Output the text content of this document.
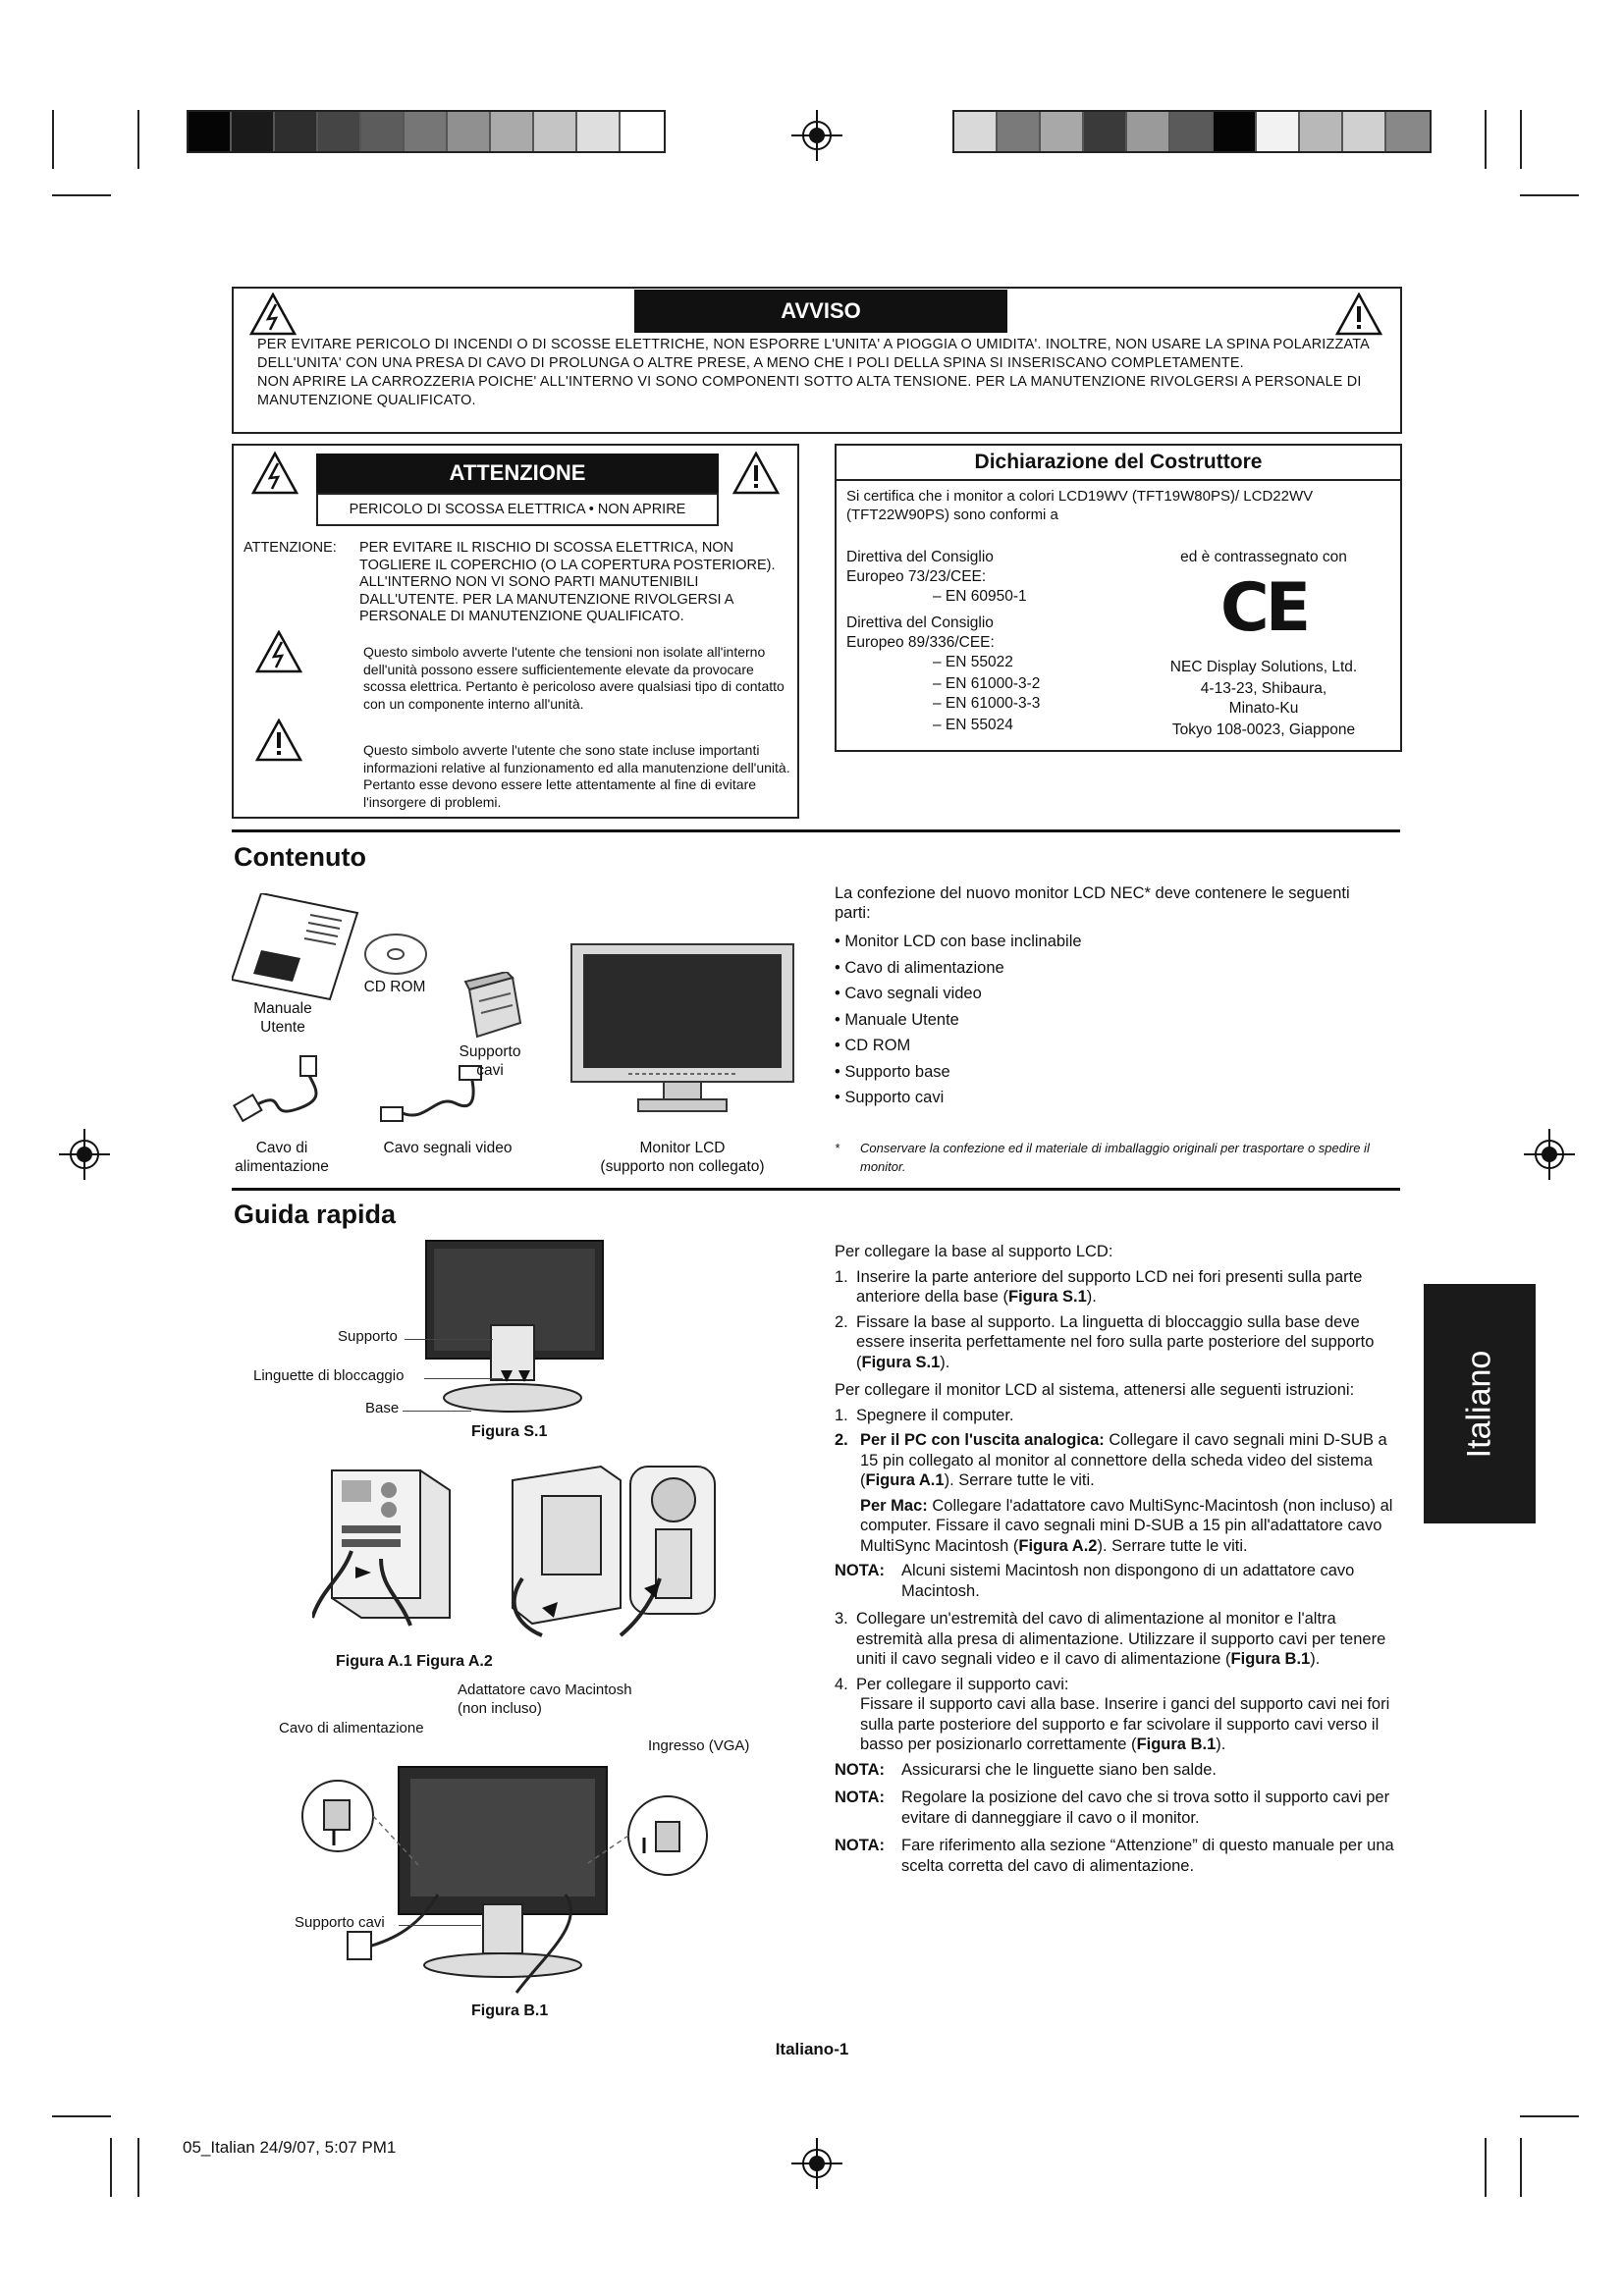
AVVISO

PER EVITARE PERICOLO DI INCENDI O DI SCOSSE ELETTRICHE, NON ESPORRE L'UNITA' A PIOGGIA O UMIDITA'. INOLTRE, NON USARE LA SPINA POLARIZZATA DELL'UNITA' CON UNA PRESA DI CAVO DI PROLUNGA O ALTRE PRESE, A MENO CHE I POLI DELLA SPINA SI INSERISCANO COMPLETAMENTE.

NON APRIRE LA CARROZZERIA POICHE' ALL'INTERNO VI SONO COMPONENTI SOTTO ALTA TENSIONE. PER LA MANUTENZIONE RIVOLGERSI A PERSONALE DI MANUTENZIONE QUALIFICATO.

ATTENZIONE
PERICOLO DI SCOSSA ELETTRICA • NON APRIRE
ATTENZIONE:	PER EVITARE IL RISCHIO DI SCOSSA ELETTRICA, NON TOGLIERE IL COPERCHIO (O LA COPERTURA POSTERIORE). ALL'INTERNO NON VI SONO PARTI MANUTENIBILI DALL'UTENTE. PER LA MANUTENZIONE RIVOLGERSI A PERSONALE DI MANUTENZIONE QUALIFICATO.
Questo simbolo avverte l'utente che tensioni non isolate all'interno dell'unità possono essere sufficientemente elevate da provocare scossa elettrica. Pertanto è pericoloso avere qualsiasi tipo di contatto con un componente interno all'unità.
Questo simbolo avverte l'utente che sono state incluse importanti informazioni relative al funzionamento ed alla manutenzione dell'unità. Pertanto esse devono essere lette attentamente al fine di evitare l'insorgere di problemi.
Dichiarazione del Costruttore
Si certifica che i monitor a colori LCD19WV (TFT19W80PS)/ LCD22WV (TFT22W90PS) sono conformi a
Direttiva del Consiglio
Europeo 73/23/CEE:
– EN 60950-1
Direttiva del Consiglio
Europeo 89/336/CEE:
– EN 55022
– EN 61000-3-2
– EN 61000-3-3
– EN 55024
ed è contrassegnato con
CE
NEC Display Solutions, Ltd.
4-13-23, Shibaura,
Minato-Ku
Tokyo 108-0023, Giappone
Contenuto
Manuale Utente
CD ROM
Supporto cavi
Cavo di alimentazione
Cavo segnali video	Monitor LCD
(supporto non collegato)
La confezione del nuovo monitor LCD NEC* deve contenere le seguenti parti:
• Monitor LCD con base inclinabile
• Cavo di alimentazione
• Cavo segnali video
• Manuale Utente
• CD ROM
• Supporto base
• Supporto cavi
*	Conservare la confezione ed il materiale di imballaggio originali per trasportare o spedire il monitor.
Guida rapida
Supporto
Linguette di bloccaggio
Base
Figura S.1
Figura A.1 Figura A.2
Adattatore cavo Macintosh
(non incluso)
Cavo di alimentazione
Ingresso (VGA)
Supporto cavi
Figura B.1

Per collegare la base al supporto LCD:

1. Inserire la parte anteriore del supporto LCD nei fori presenti sulla parte anteriore della base (Figura S.1).
2. Fissare la base al supporto. La linguetta di bloccaggio sulla base deve essere inserita perfettamente nel foro sulla parte posteriore del supporto (Figura S.1).

Per collegare il monitor LCD al sistema, attenersi alle seguenti istruzioni:

1. Spegnere il computer.
2. Per il PC con l'uscita analogica: Collegare il cavo segnali mini D-SUB a 15 pin collegato al monitor al connettore della scheda video del sistema (Figura A.1). Serrare tutte le viti.
Per Mac: Collegare l'adattatore cavo MultiSync-Macintosh (non incluso) al computer. Fissare il cavo segnali mini D-SUB a 15 pin all'adattatore cavo MultiSync Macintosh (Figura A.2). Serrare tutte le viti.
NOTA:	Alcuni sistemi Macintosh non dispongono di un adattatore cavo Macintosh.
3. Collegare un'estremità del cavo di alimentazione al monitor e l'altra estremità alla presa di alimentazione. Utilizzare il supporto cavi per tenere uniti il cavo segnali video e il cavo di alimentazione (Figura B.1).
4. Per collegare il supporto cavi:
Fissare il supporto cavi alla base. Inserire i ganci del supporto cavi nei fori sulla parte posteriore del supporto e far scivolare il supporto cavi verso il basso per posizionarlo correttamente (Figura B.1).
NOTA:	Assicurarsi che le linguette siano ben salde.
NOTA:	Regolare la posizione del cavo che si trova sotto il supporto cavi per evitare di danneggiare il cavo o il monitor.
NOTA:	Fare riferimento alla sezione “Attenzione” di questo manuale per una scelta corretta del cavo di alimentazione.
Italiano
Italiano-1
05_Italian 24/9/07, 5:07 PM1
